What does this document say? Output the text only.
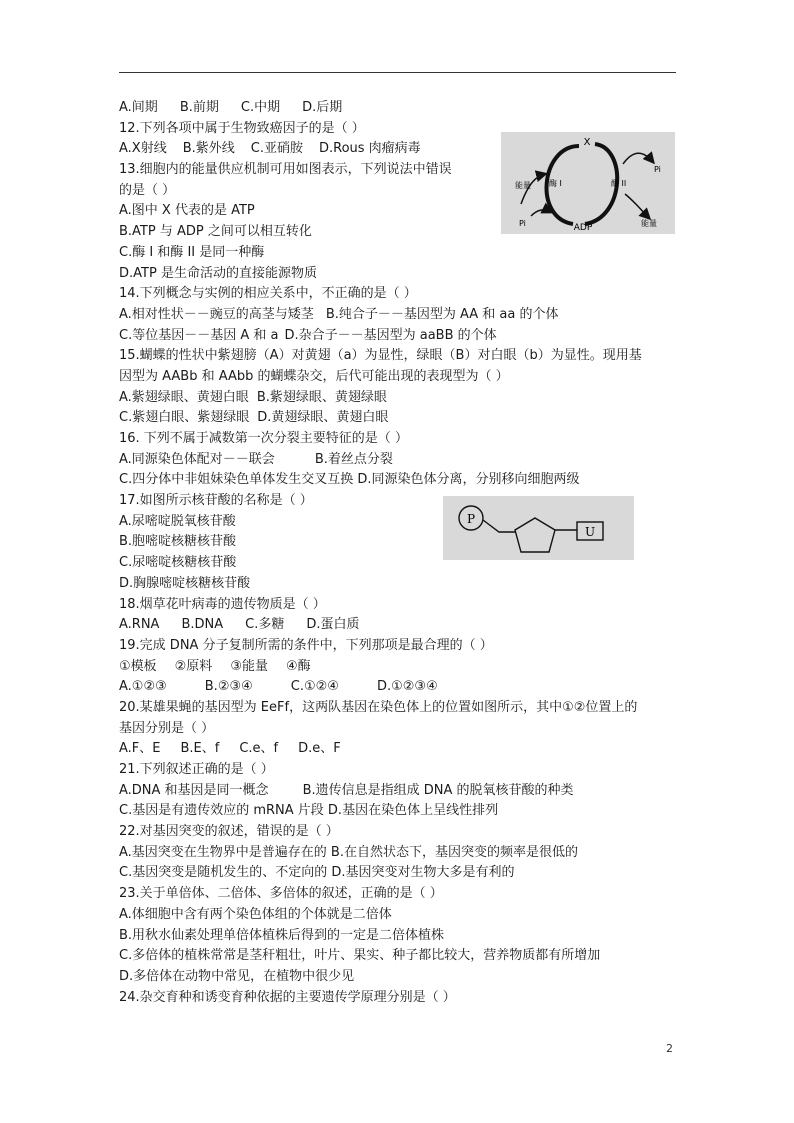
A.间期 B.前期 C.中期 D.后期
12.下列各项中属于生物致癌因子的是（ ）
A.X射线 B.紫外线 C.亚硝胺 D.Rous 肉瘤病毒
13.细胞内的能量供应机制可用如图表示，下列说法中错误
的是（ ）
A.图中 X 代表的是 ATP
B.ATP 与 ADP 之间可以相互转化
C.酶 I 和酶 II 是同一种酶
D.ATP 是生命活动的直接能源物质
14.下列概念与实例的相应关系中，不正确的是（ ）
A.相对性状－－豌豆的高茎与矮茎 B.纯合子－－基因型为 AA 和 aa 的个体
C.等位基因－－基因 A 和 a D.杂合子－－基因型为 aaBB 的个体
15.蝴蝶的性状中紫翅膀（A）对黄翅（a）为显性，绿眼（B）对白眼（b）为显性。现用基
因型为 AABb 和 AAbb 的蝴蝶杂交，后代可能出现的表现型为（ ）
A.紫翅绿眼、黄翅白眼 B.紫翅绿眼、黄翅绿眼
C.紫翅白眼、紫翅绿眼 D.黄翅绿眼、黄翅白眼
16. 下列不属于减数第一次分裂主要特征的是（ ）
A.同源染色体配对－－联会	B.着丝点分裂
C.四分体中非姐妹染色单体发生交叉互换 D.同源染色体分离，分别移向细胞两级
17.如图所示核苷酸的名称是（ ）
A.尿嘧啶脱氧核苷酸
B.胞嘧啶核糖核苷酸
C.尿嘧啶核糖核苷酸
D.胸腺嘧啶核糖核苷酸
18.烟草花叶病毒的遗传物质是（ ）
A.RNA B.DNA C.多糖 D.蛋白质
19.完成 DNA 分子复制所需的条件中，下列那项是最合理的（ ）
①模板 ②原料 ③能量 ④酶
A.①②③	B.②③④	C.①②④	D.①②③④
20.某雄果蝇的基因型为 EeFf，这两队基因在染色体上的位置如图所示，其中①②位置上的
基因分别是（ ）
A.F、E B.E、f C.e、f D.e、F
21.下列叙述正确的是（ ）
A.DNA 和基因是同一概念	B.遗传信息是指组成 DNA 的脱氧核苷酸的种类
C.基因是有遗传效应的 mRNA 片段 D.基因在染色体上呈线性排列
22.对基因突变的叙述，错误的是（ ）
A.基因突变在生物界中是普遍存在的 B.在自然状态下，基因突变的频率是很低的
C.基因突变是随机发生的、不定向的 D.基因突变对生物大多是有利的
23.关于单倍体、二倍体、多倍体的叙述，正确的是（ ）
A.体细胞中含有两个染色体组的个体就是二倍体
B.用秋水仙素处理单倍体植株后得到的一定是二倍体植株
C.多倍体的植株常常是茎秆粗壮，叶片、果实、种子都比较大，营养物质都有所增加
D.多倍体在动物中常见，在植物中很少见
24.杂交育种和诱变育种依据的主要遗传学原理分别是（ ）
X
ADP
能量
Pi
Pi
能量
酶 I	酶 II
P
U
2
